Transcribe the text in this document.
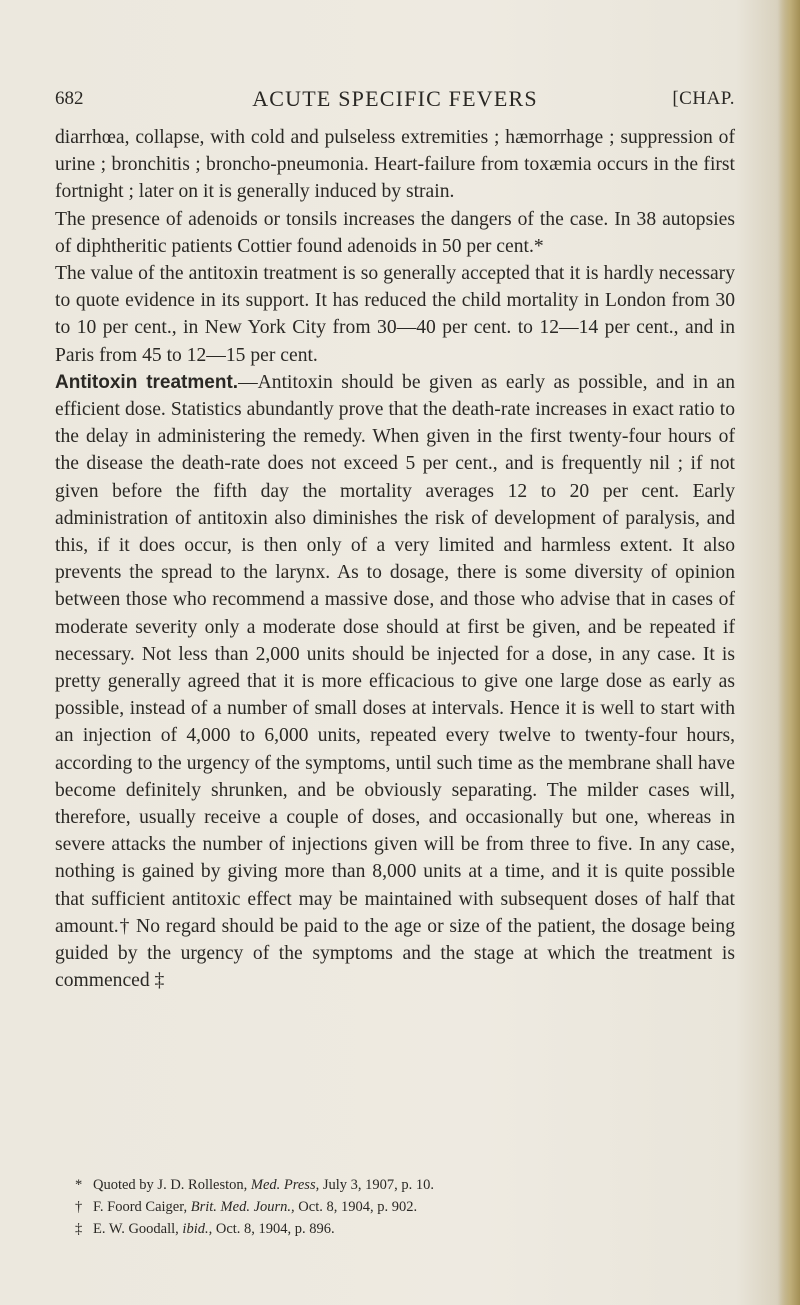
682	ACUTE SPECIFIC FEVERS	[CHAP.

diarrhœa, collapse, with cold and pulseless extremities ; hæmorrhage ; suppression of urine ; bronchitis ; broncho-pneumonia. Heart-failure from toxæmia occurs in the first fortnight ; later on it is generally induced by strain.

The presence of adenoids or tonsils increases the dangers of the case. In 38 autopsies of diphtheritic patients Cottier found adenoids in 50 per cent.*

The value of the antitoxin treatment is so generally accepted that it is hardly necessary to quote evidence in its support. It has reduced the child mortality in London from 30 to 10 per cent., in New York City from 30—40 per cent. to 12—14 per cent., and in Paris from 45 to 12—15 per cent.

Antitoxin treatment.—Antitoxin should be given as early as possible, and in an efficient dose. Statistics abundantly prove that the death-rate increases in exact ratio to the delay in administering the remedy. When given in the first twenty-four hours of the disease the death-rate does not exceed 5 per cent., and is frequently nil ; if not given before the fifth day the mortality averages 12 to 20 per cent. Early administration of antitoxin also diminishes the risk of development of paralysis, and this, if it does occur, is then only of a very limited and harmless extent. It also prevents the spread to the larynx. As to dosage, there is some diversity of opinion between those who recommend a massive dose, and those who advise that in cases of moderate severity only a moderate dose should at first be given, and be repeated if necessary. Not less than 2,000 units should be injected for a dose, in any case. It is pretty generally agreed that it is more efficacious to give one large dose as early as possible, instead of a number of small doses at intervals. Hence it is well to start with an injection of 4,000 to 6,000 units, repeated every twelve to twenty-four hours, according to the urgency of the symptoms, until such time as the membrane shall have become definitely shrunken, and be obviously separating. The milder cases will, therefore, usually receive a couple of doses, and occasionally but one, whereas in severe attacks the number of injections given will be from three to five. In any case, nothing is gained by giving more than 8,000 units at a time, and it is quite possible that sufficient antitoxic effect may be maintained with subsequent doses of half that amount.† No regard should be paid to the age or size of the patient, the dosage being guided by the urgency of the symptoms and the stage at which the treatment is commenced ‡

* Quoted by J. D. Rolleston, Med. Press, July 3, 1907, p. 10.
† F. Foord Caiger, Brit. Med. Journ., Oct. 8, 1904, p. 902.
‡ E. W. Goodall, ibid., Oct. 8, 1904, p. 896.
